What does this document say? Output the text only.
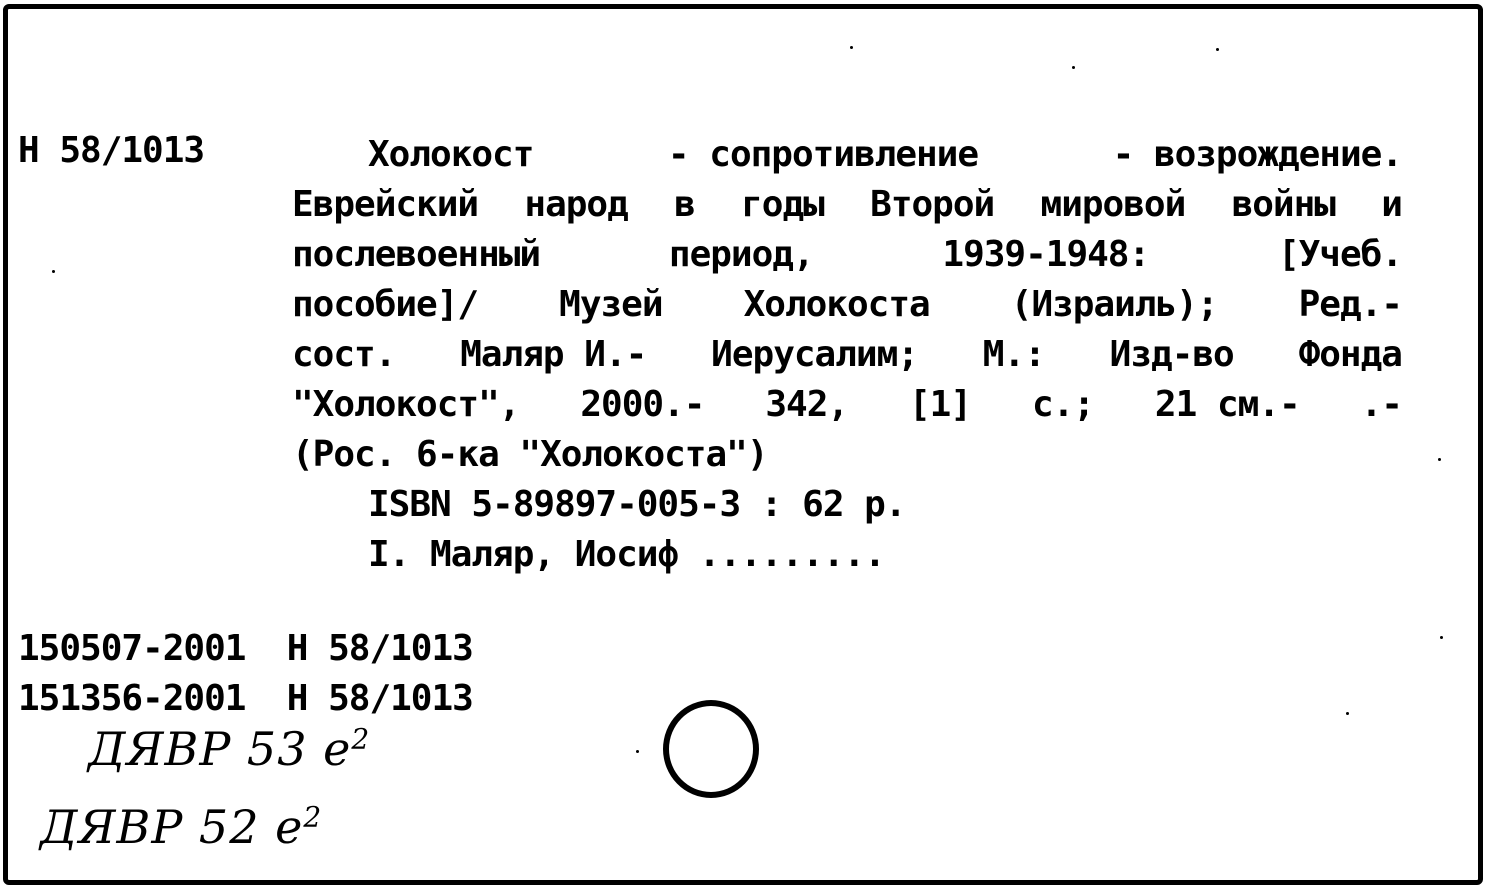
Н 58/1013	Холокост	- сопротивление	- возрождение.
Еврейский народ в годы Второй мировой войны и
послевоенный	период,	1939-1948:	[Учеб.
пособие]/ Музей Холокоста (Израиль); Ред.-
сост. Маляр И.- Иерусалим; М.: Изд-во Фонда
"Холокост", 2000.- 342, [1] с.; 21 см.- .-
(Рос. 6-ка "Холокоста")
ISBN 5-89897-005-3 : 62 р.
I. Маляр, Иосиф .........
150507-2001  Н 58/1013
151356-2001  Н 58/1013
ДЯВР 53 $е^2$
ДЯВР 52 $е^2$
